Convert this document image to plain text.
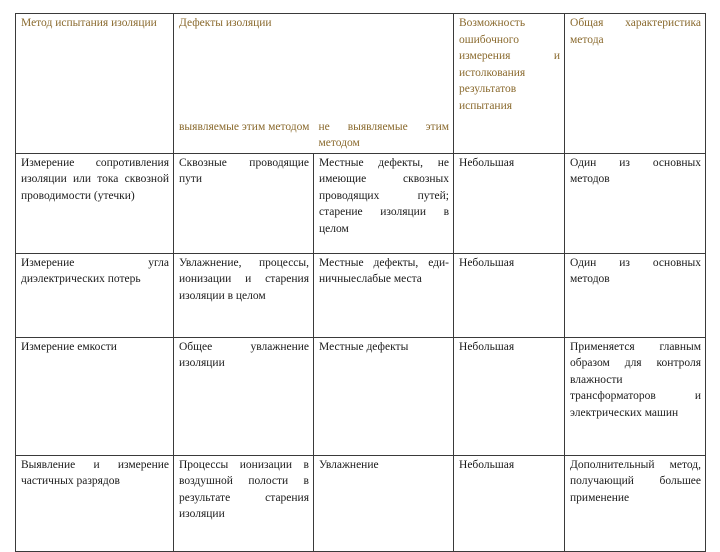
Метод испытания изоляции	Дефекты изоляции		Возможность ошибочного измерения и истолкования результатов испытания	Общая характеристика метода

	выявляемые этим методом	не выявляемые этим методом		

Измерение сопротивления изоляции или тока сквозной проводимости (утечки)	Сквозные проводящие пути	Местные дефекты, не имеющие сквозных проводящих путей; старение изоляции в целом	Небольшая	Один из основных методов

Измерение угла диэлектрических потерь	Увлажнение, процессы, ионизации и старения изоляции в целом	Местные дефекты, еди-ничныеслабые места	Небольшая	Один из основных методов

Измерение емкости	Общее увлажнение изоляции	Местные дефекты	Небольшая	Применяется главным образом для контроля влажности трансформаторов и электрических машин

Выявление и измерение частичных разрядов	Процессы ионизации в воздушной полости в результате старения изоляции	Увлажнение	Небольшая	Дополнительный метод, получающий большее применение
